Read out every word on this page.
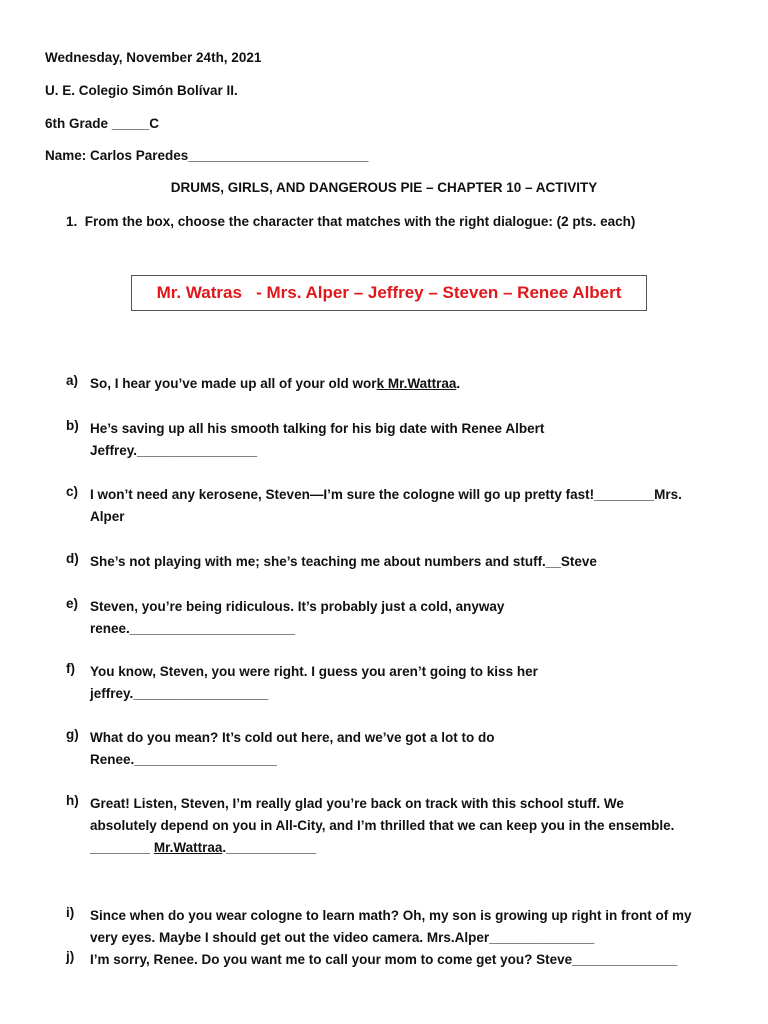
Wednesday, November 24th, 2021
U. E. Colegio Simón Bolívar II.
6th Grade _____C
Name: Carlos Paredes________________________
DRUMS, GIRLS, AND DANGEROUS PIE – CHAPTER 10 – ACTIVITY
1. From the box, choose the character that matches with the right dialogue: (2 pts. each)
Mr. Watras   - Mrs. Alper – Jeffrey – Steven – Renee Albert
a) So, I hear you’ve made up all of your old work Mr.Wattraa.
b) He’s saving up all his smooth talking for his big date with Renee Albert
Jeffrey.________________
c) I won’t need any kerosene, Steven—I’m sure the cologne will go up pretty fast!________Mrs.
Alper
d) She’s not playing with me; she’s teaching me about numbers and stuff.__Steve
e) Steven, you’re being ridiculous. It’s probably just a cold, anyway
renee.______________________
f) You know, Steven, you were right. I guess you aren’t going to kiss her
jeffrey.__________________
g) What do you mean? It’s cold out here, and we’ve got a lot to do
Renee.___________________
h) Great! Listen, Steven, I’m really glad you’re back on track with this school stuff. We
absolutely depend on you in All-City, and I’m thrilled that we can keep you in the ensemble.
________ Mr.Wattraa.____________
i) Since when do you wear cologne to learn math? Oh, my son is growing up right in front of my
very eyes. Maybe I should get out the video camera. Mrs.Alper______________
j) I’m sorry, Renee. Do you want me to call your mom to come get you? Steve______________
